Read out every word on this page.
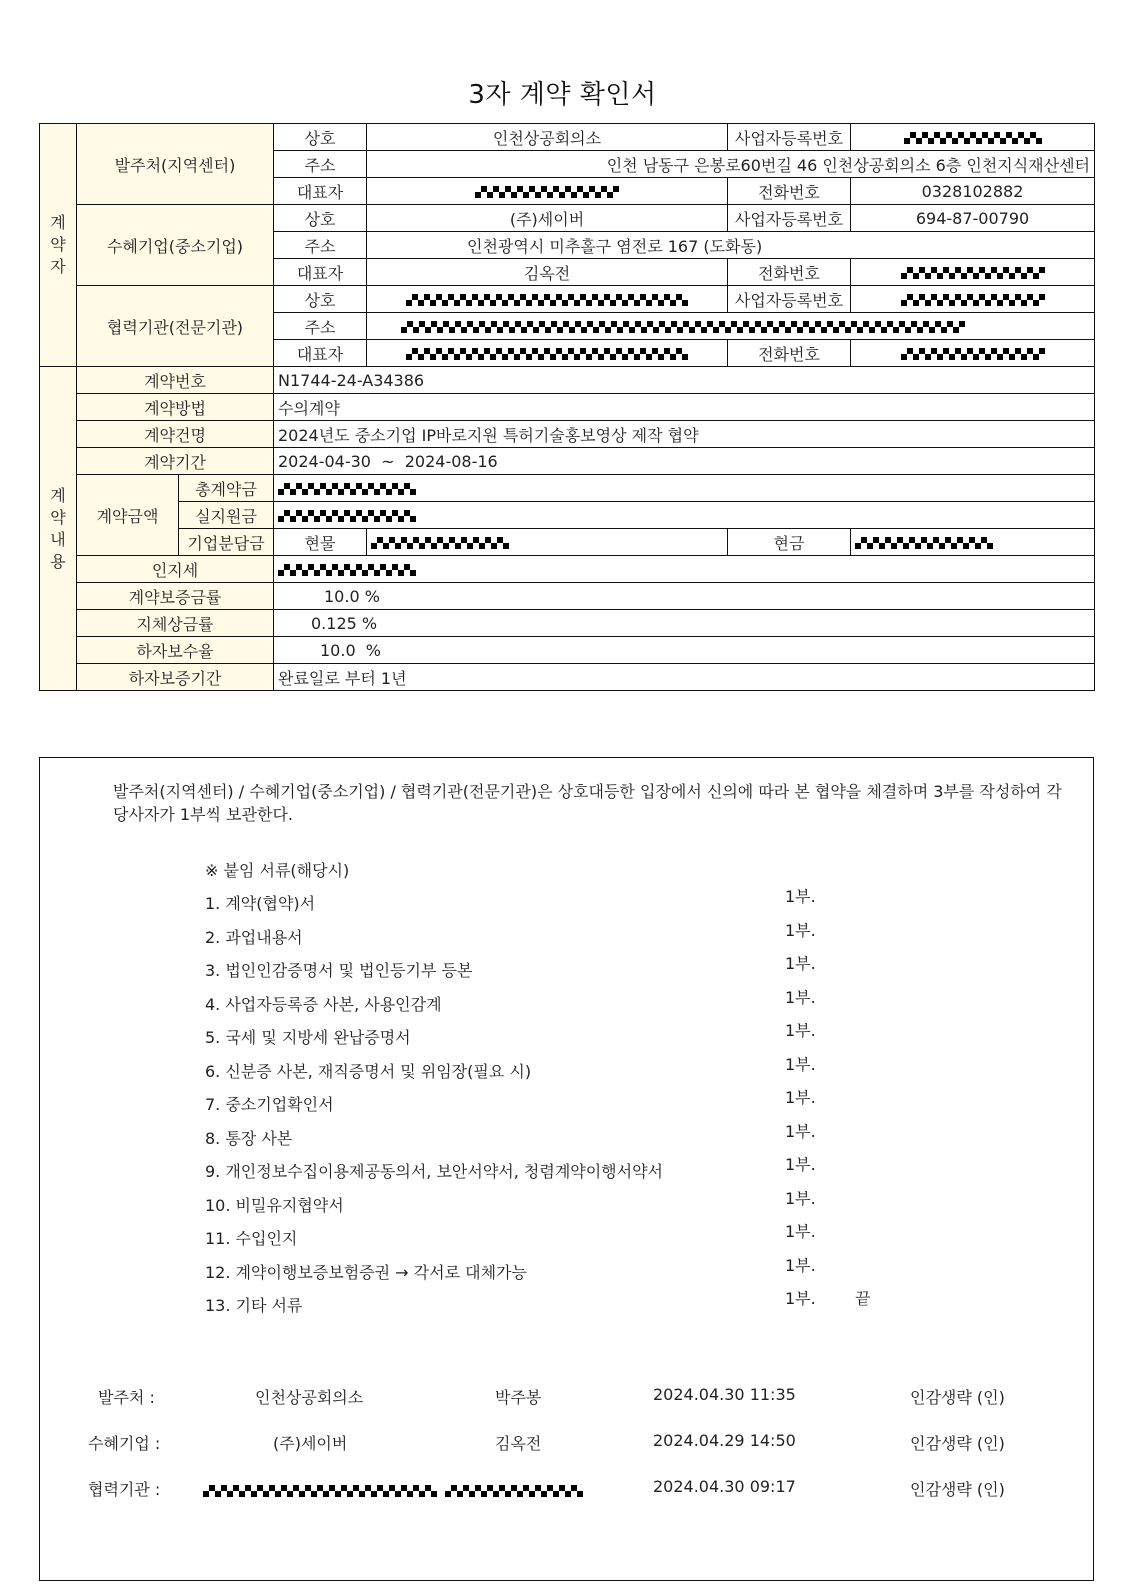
3자 계약 확인서
계
약
자	발주처(지역센터)		상호	인천상공회의소	사업자등록번호	
			주소	인천 남동구 은봉로60번길 46 인천상공회의소 6층 인천지식재산센터		
			대표자		전화번호	0328102882
	수혜기업(중소기업)		상호	(주)세이버	사업자등록번호	694-87-00790
			주소	인천광역시 미추홀구 염전로 167 (도화동)		
			대표자	김옥전	전화번호	
	협력기관(전문기관)		상호		사업자등록번호	
			주소			
			대표자		전화번호	
계
약
내
용	계약번호		N1744-24-A34386			
	계약방법		수의계약			
	계약건명		2024년도 중소기업 IP바로지원 특허기술홍보영상 제작 협약			
	계약기간		2024-04-30  ~  2024-08-16			
	계약금액	총계약금				
		실지원금				
		기업분담금	현물		현금	
	인지세					
	계약보증금률		10.0 %			
	지체상금률		0.125 %			
	하자보수율		10.0  %			
	하자보증기간		완료일로 부터 1년			
발주처(지역센터) / 수혜기업(중소기업) / 협력기관(전문기관)은 상호대등한 입장에서 신의에 따라 본 협약을 체결하며 3부를 작성하여 각 당사자가 1부씩 보관한다.
※ 붙임 서류(해당시)
1. 계약(협약)서	1부.
2. 과업내용서	1부.
3. 법인인감증명서 및 법인등기부 등본	1부.
4. 사업자등록증 사본, 사용인감계	1부.
5. 국세 및 지방세 완납증명서	1부.
6. 신분증 사본, 재직증명서 및 위임장(필요 시)	1부.
7. 중소기업확인서	1부.
8. 통장 사본	1부.
9. 개인정보수집이용제공동의서, 보안서약서, 청렴계약이행서약서	1부.
10. 비밀유지협약서	1부.
11. 수입인지	1부.
12. 계약이행보증보험증권 → 각서로 대체가능	1부.
13. 기타 서류	1부. 끝
발주처 :	인천상공회의소	박주봉	2024.04.30 11:35	인감생략 (인)
수혜기업 :	(주)세이버	김옥전	2024.04.29 14:50	인감생략 (인)
협력기관 :	2024.04.30 09:17	인감생략 (인)
